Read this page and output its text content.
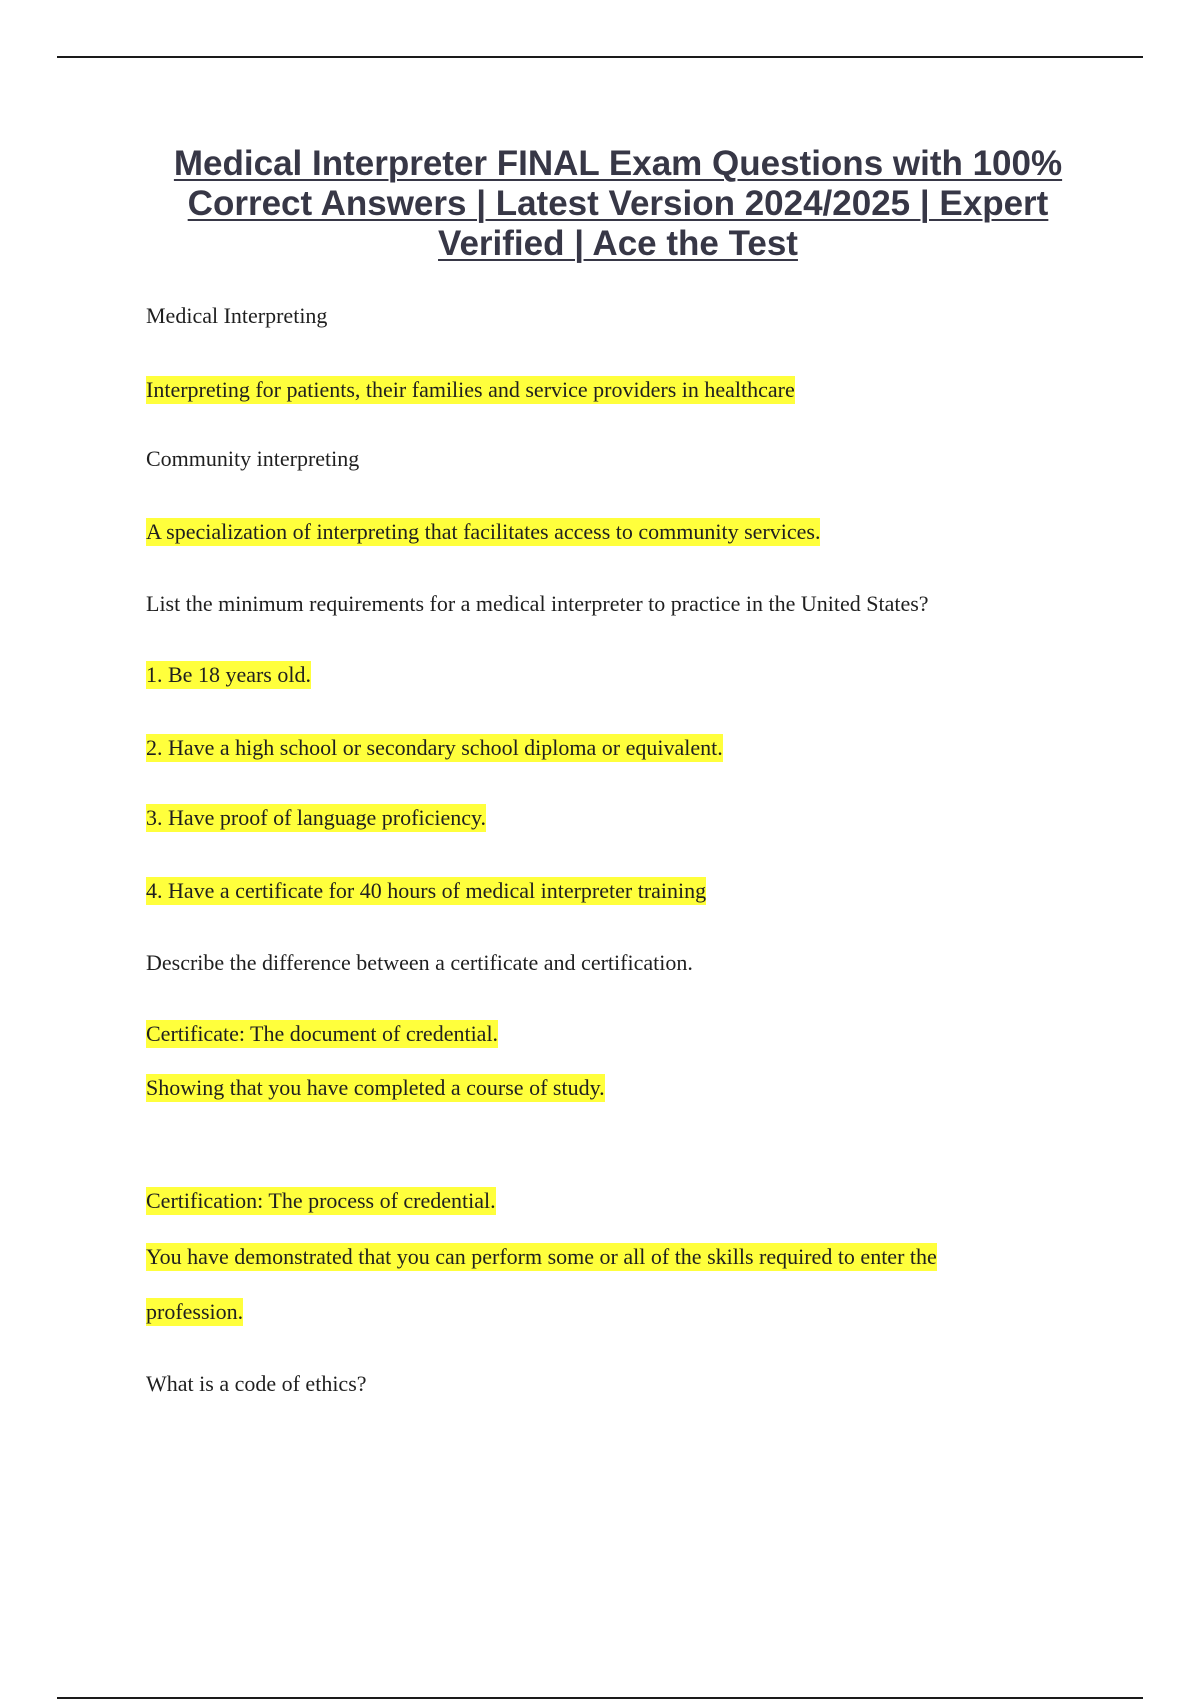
Medical Interpreter FINAL Exam Questions with 100% Correct Answers | Latest Version 2024/2025 | Expert Verified | Ace the Test

Medical Interpreting

Interpreting for patients, their families and service providers in healthcare

Community interpreting

A specialization of interpreting that facilitates access to community services.

List the minimum requirements for a medical interpreter to practice in the United States?

1. Be 18 years old.

2. Have a high school or secondary school diploma or equivalent.

3. Have proof of language proficiency.

4. Have a certificate for 40 hours of medical interpreter training

Describe the difference between a certificate and certification.

Certificate: The document of credential.

Showing that you have completed a course of study.

Certification: The process of credential.

You have demonstrated that you can perform some or all of the skills required to enter the

profession.

What is a code of ethics?
